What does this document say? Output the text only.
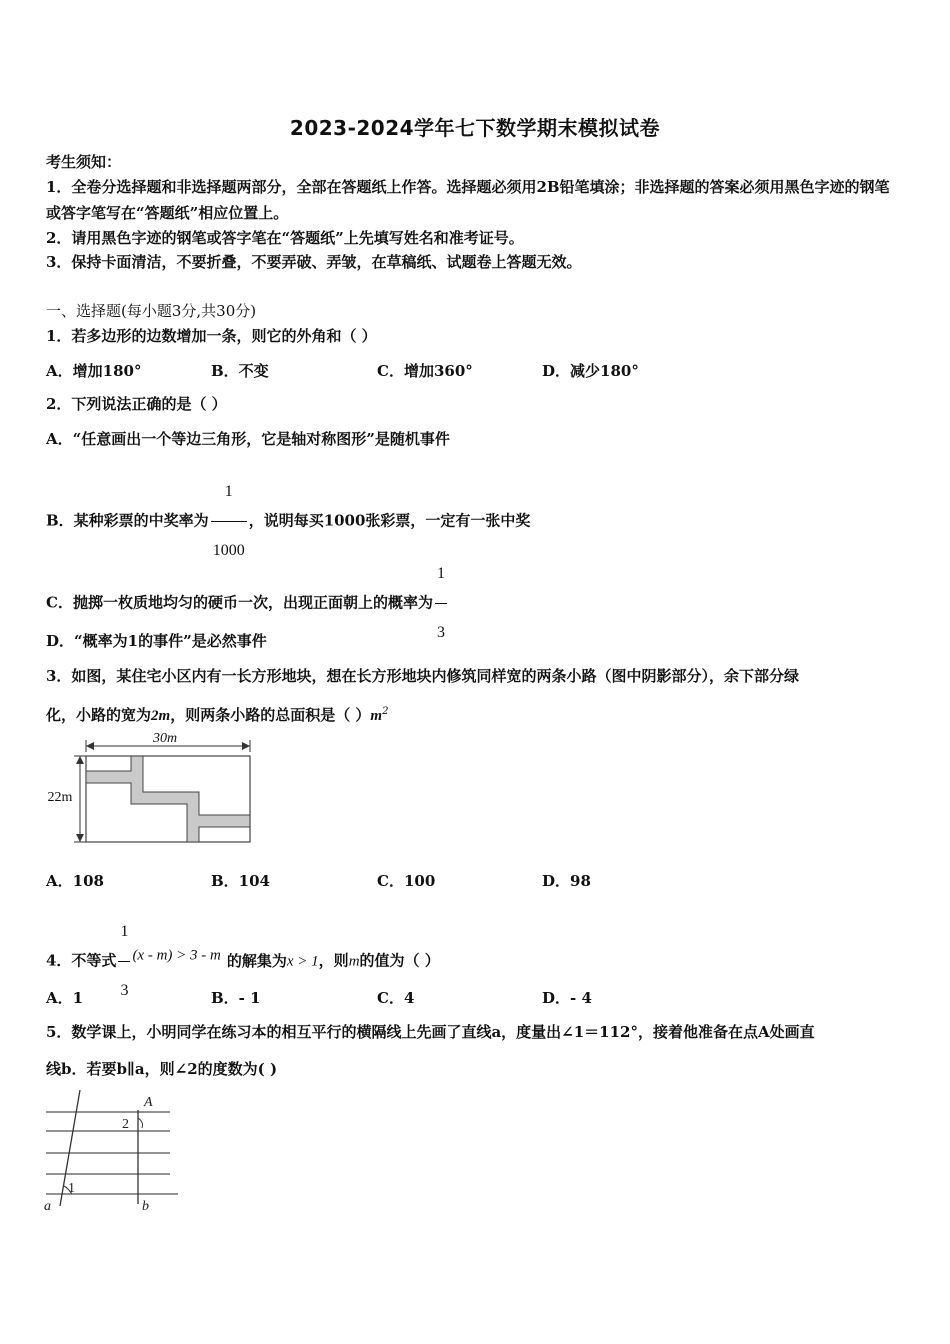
2023-2024学年七下数学期末模拟试卷
考生须知：
1．全卷分选择题和非选择题两部分，全部在答题纸上作答。选择题必须用2B铅笔填涂；非选择题的答案必须用黑色字迹的钢笔或答字笔写在“答题纸”相应位置上。
2．请用黑色字迹的钢笔或答字笔在“答题纸”上先填写姓名和准考证号。
3．保持卡面清洁，不要折叠，不要弄破、弄皱，在草稿纸、试题卷上答题无效。
一、选择题(每小题3分,共30分)
1．若多边形的边数增加一条，则它的外角和（ ）
A．增加180°	B．不变	C．增加360°	D．减少180°
2．下列说法正确的是（ ）
A．“任意画出一个等边三角形，它是轴对称图形”是随机事件
B．某种彩票的中奖率为 $\frac{1}{1000}$ ，说明每买1000张彩票，一定有一张中奖
C．抛掷一枚质地均匀的硬币一次，出现正面朝上的概率为 $\frac{1}{3}$
D．“概率为1的事件”是必然事件
3．如图，某住宅小区内有一长方形地块，想在长方形地块内修筑同样宽的两条小路（图中阴影部分），余下部分绿
化，小路的宽为2m，则两条小路的总面积是（ ）$m^2$
30m
22m
A．108	B．104	C．100	D．98
4．不等式 $\frac{1}{3} (x - m) > 3 - m$ 的解集为x > 1，则m的值为（ ）
A．1	B．- 1	C．4	D．- 4
5．数学课上，小明同学在练习本的相互平行的横隔线上先画了直线a，度量出∠1＝112°，接着他准备在点A处画直
线b．若要b∥a，则∠2的度数为( )
A
2
1
a	b
